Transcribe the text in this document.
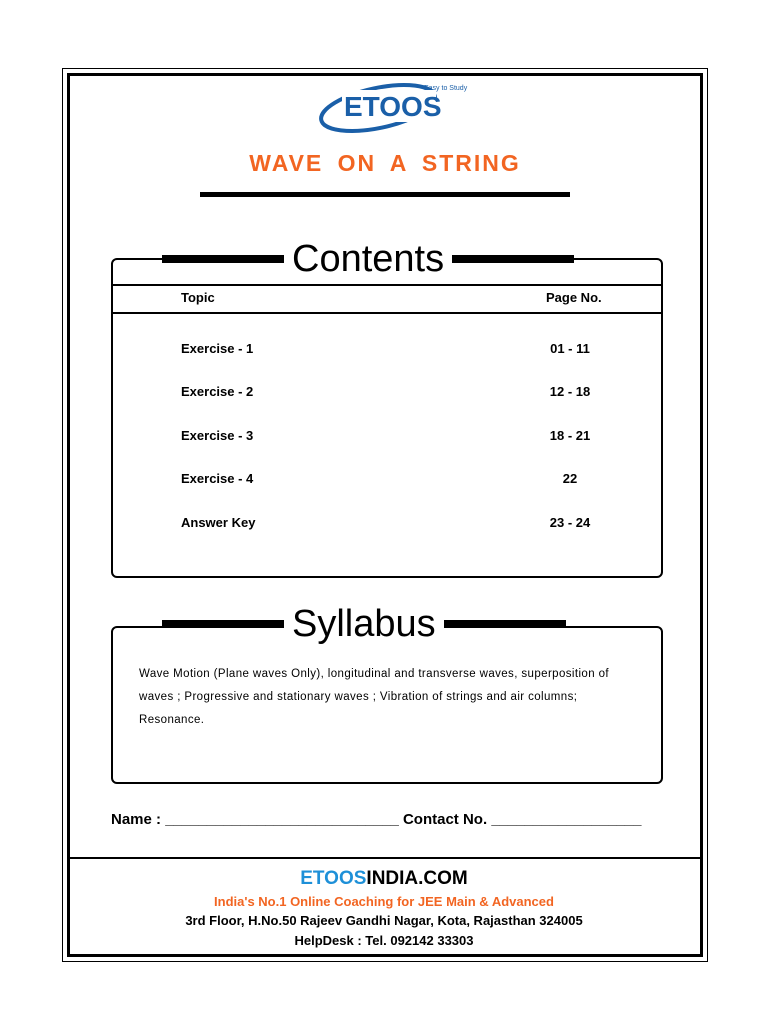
ETOOS
Easy to Study
WAVE ON A STRING
Contents
Topic	Page No.
Exercise - 1	01 - 11
Exercise - 2	12 - 18
Exercise - 3	18 - 21
Exercise - 4	22
Answer Key	23 - 24
Syllabus
Wave Motion (Plane waves Only), longitudinal and transverse waves, superposition of waves ; Progressive and stationary waves ; Vibration of strings and air columns; Resonance.
Name : ____________________________ Contact No. __________________
ETOOSINDIA.COM
India's No.1 Online Coaching for JEE Main & Advanced
3rd Floor, H.No.50 Rajeev Gandhi Nagar, Kota, Rajasthan 324005
HelpDesk : Tel. 092142 33303
